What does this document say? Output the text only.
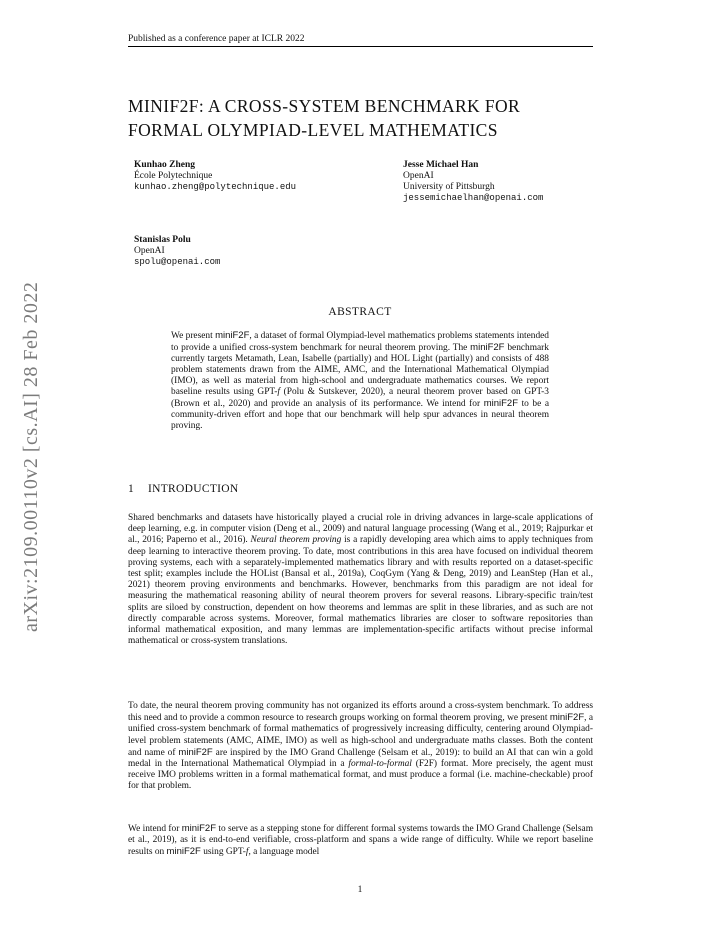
Published as a conference paper at ICLR 2022
arXiv:2109.00110v2 [cs.AI] 28 Feb 2022
MINIF2F: A CROSS-SYSTEM BENCHMARK FOR
FORMAL OLYMPIAD-LEVEL MATHEMATICS
Kunhao Zheng
École Polytechnique
kunhao.zheng@polytechnique.edu
Jesse Michael Han
OpenAI
University of Pittsburgh
jessemichaelhan@openai.com
Stanislas Polu
OpenAI
spolu@openai.com
ABSTRACT
We present miniF2F, a dataset of formal Olympiad-level mathematics problems statements intended to provide a unified cross-system benchmark for neural theorem proving. The miniF2F benchmark currently targets Metamath, Lean, Isabelle (partially) and HOL Light (partially) and consists of 488 problem statements drawn from the AIME, AMC, and the International Mathematical Olympiad (IMO), as well as material from high-school and undergraduate mathematics courses. We report baseline results using GPT-f (Polu & Sutskever, 2020), a neural theorem prover based on GPT-3 (Brown et al., 2020) and provide an analysis of its performance. We intend for miniF2F to be a community-driven effort and hope that our benchmark will help spur advances in neural theorem proving.
1 INTRODUCTION
Shared benchmarks and datasets have historically played a crucial role in driving advances in large-scale applications of deep learning, e.g. in computer vision (Deng et al., 2009) and natural language processing (Wang et al., 2019; Rajpurkar et al., 2016; Paperno et al., 2016). Neural theorem proving is a rapidly developing area which aims to apply techniques from deep learning to interactive theorem proving. To date, most contributions in this area have focused on individual theorem proving systems, each with a separately-implemented mathematics library and with results reported on a dataset-specific test split; examples include the HOList (Bansal et al., 2019a), CoqGym (Yang & Deng, 2019) and LeanStep (Han et al., 2021) theorem proving environments and benchmarks. However, benchmarks from this paradigm are not ideal for measuring the mathematical reasoning ability of neural theorem provers for several reasons. Library-specific train/test splits are siloed by construction, dependent on how theorems and lemmas are split in these libraries, and as such are not directly comparable across systems. Moreover, formal mathematics libraries are closer to software repositories than informal mathematical exposition, and many lemmas are implementation-specific artifacts without precise informal mathematical or cross-system translations.
To date, the neural theorem proving community has not organized its efforts around a cross-system benchmark. To address this need and to provide a common resource to research groups working on formal theorem proving, we present miniF2F, a unified cross-system benchmark of formal mathematics of progressively increasing difficulty, centering around Olympiad-level problem statements (AMC, AIME, IMO) as well as high-school and undergraduate maths classes. Both the content and name of miniF2F are inspired by the IMO Grand Challenge (Selsam et al., 2019): to build an AI that can win a gold medal in the International Mathematical Olympiad in a formal-to-formal (F2F) format. More precisely, the agent must receive IMO problems written in a formal mathematical format, and must produce a formal (i.e. machine-checkable) proof for that problem.
We intend for miniF2F to serve as a stepping stone for different formal systems towards the IMO Grand Challenge (Selsam et al., 2019), as it is end-to-end verifiable, cross-platform and spans a wide range of difficulty. While we report baseline results on miniF2F using GPT-f, a language model
1
